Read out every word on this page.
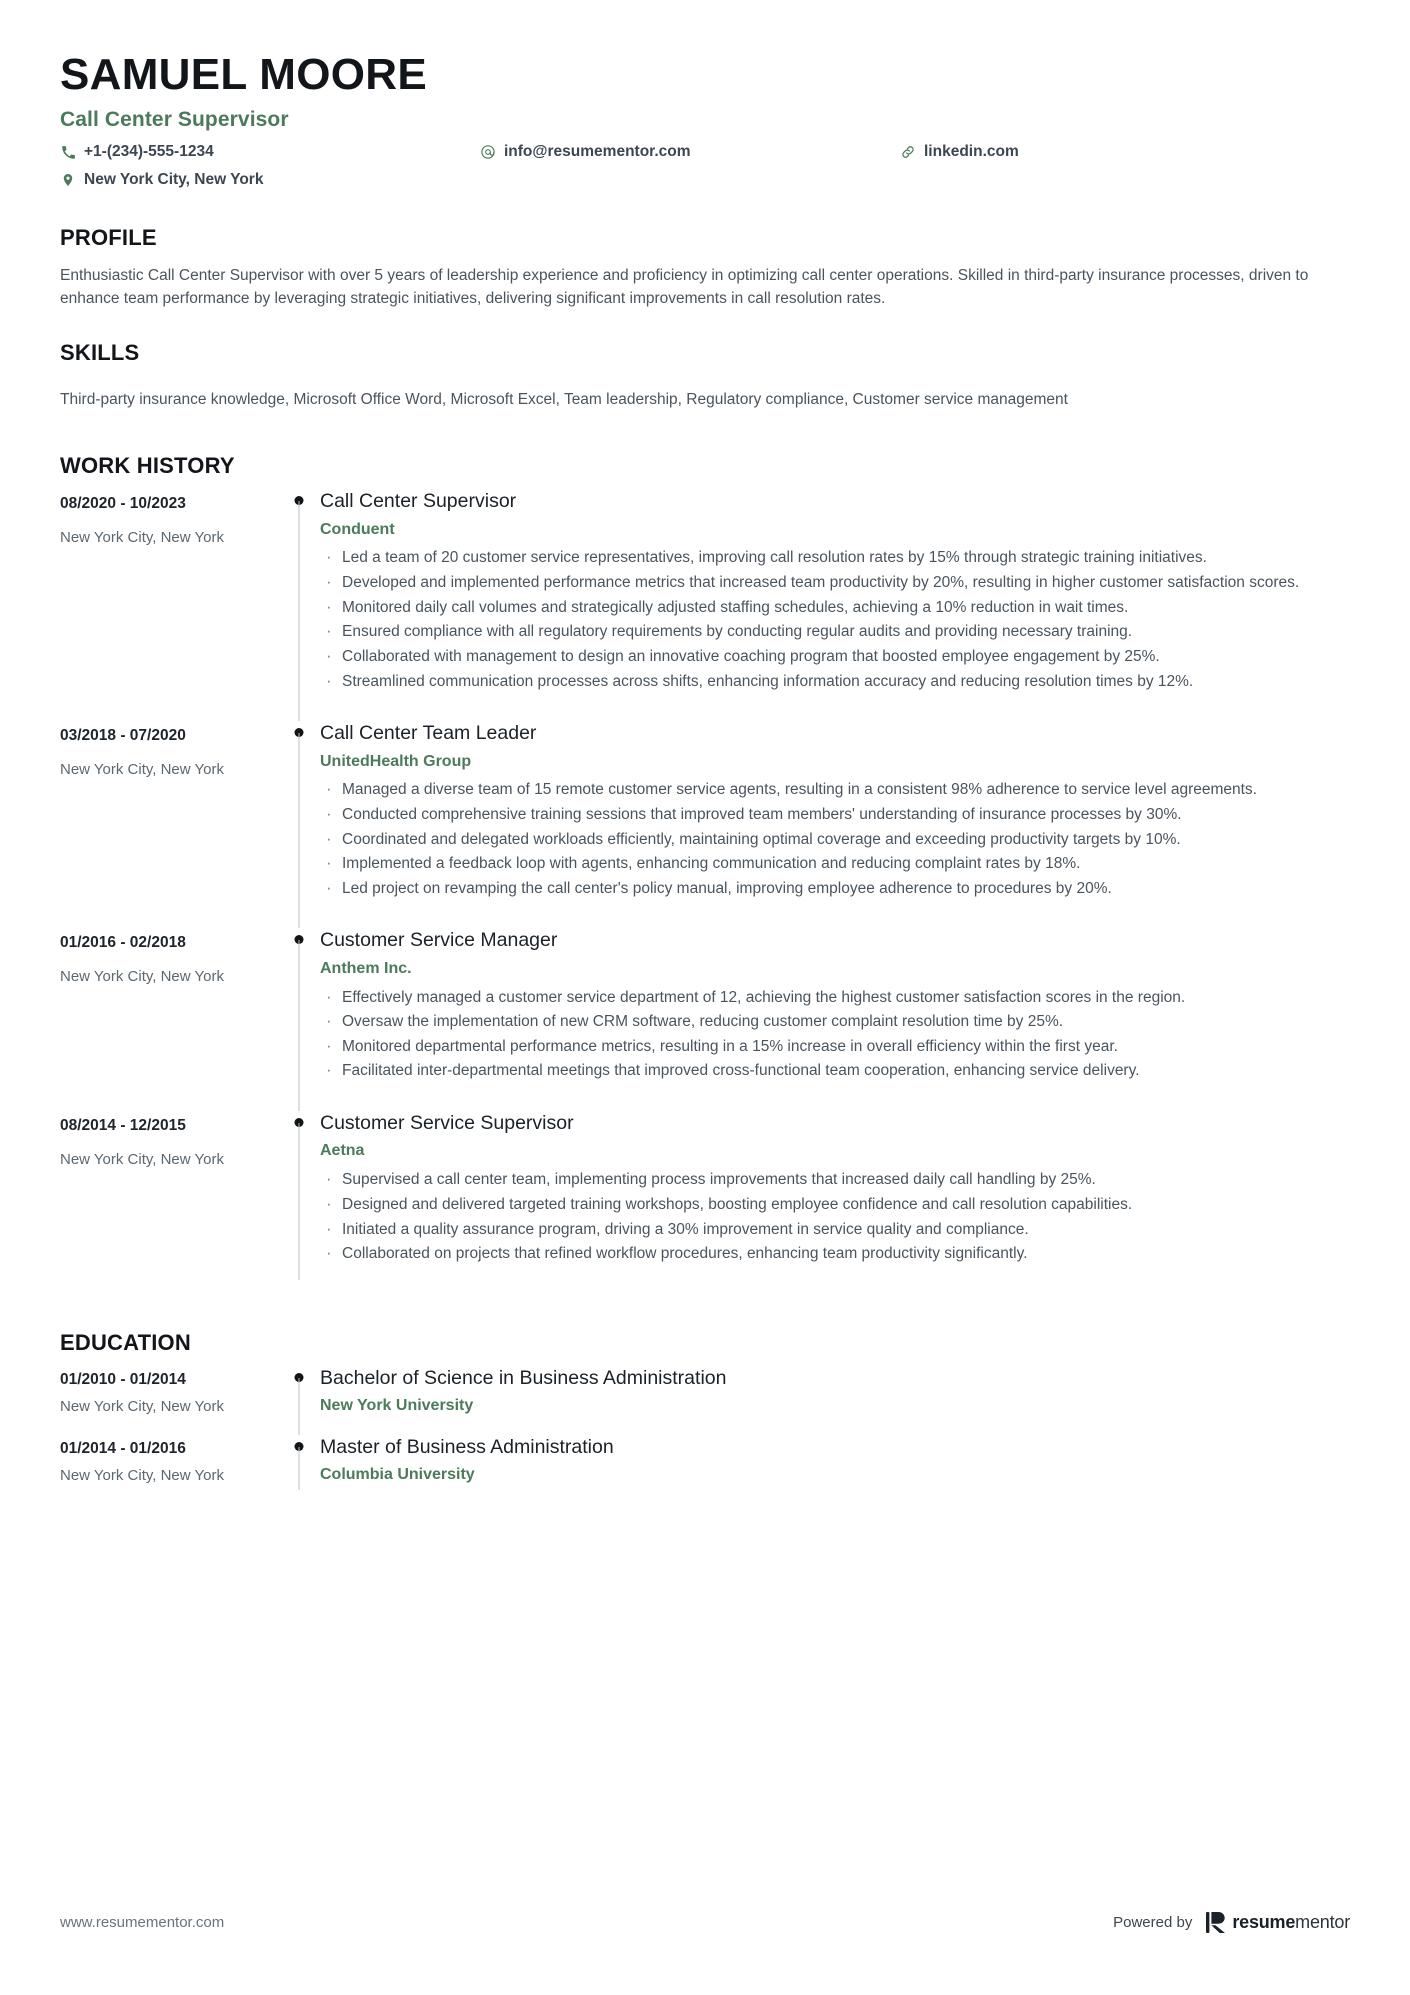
SAMUEL MOORE
Call Center Supervisor
+1-(234)-555-1234	info@resumementor.com	linkedin.com
New York City, New York
PROFILE

Enthusiastic Call Center Supervisor with over 5 years of leadership experience and proficiency in optimizing call center operations. Skilled in third-party insurance processes, driven to enhance team performance by leveraging strategic initiatives, delivering significant improvements in call resolution rates.

SKILLS

Third-party insurance knowledge, Microsoft Office Word, Microsoft Excel, Team leadership, Regulatory compliance, Customer service management

WORK HISTORY
08/2020 - 10/2023
New York City, New York
Call Center Supervisor
Conduent
· Led a team of 20 customer service representatives, improving call resolution rates by 15% through strategic training initiatives.
· Developed and implemented performance metrics that increased team productivity by 20%, resulting in higher customer satisfaction scores.
· Monitored daily call volumes and strategically adjusted staffing schedules, achieving a 10% reduction in wait times.
· Ensured compliance with all regulatory requirements by conducting regular audits and providing necessary training.
· Collaborated with management to design an innovative coaching program that boosted employee engagement by 25%.
· Streamlined communication processes across shifts, enhancing information accuracy and reducing resolution times by 12%.
03/2018 - 07/2020
New York City, New York
Call Center Team Leader
UnitedHealth Group
· Managed a diverse team of 15 remote customer service agents, resulting in a consistent 98% adherence to service level agreements.
· Conducted comprehensive training sessions that improved team members' understanding of insurance processes by 30%.
· Coordinated and delegated workloads efficiently, maintaining optimal coverage and exceeding productivity targets by 10%.
· Implemented a feedback loop with agents, enhancing communication and reducing complaint rates by 18%.
· Led project on revamping the call center's policy manual, improving employee adherence to procedures by 20%.
01/2016 - 02/2018
New York City, New York
Customer Service Manager
Anthem Inc.
· Effectively managed a customer service department of 12, achieving the highest customer satisfaction scores in the region.
· Oversaw the implementation of new CRM software, reducing customer complaint resolution time by 25%.
· Monitored departmental performance metrics, resulting in a 15% increase in overall efficiency within the first year.
· Facilitated inter-departmental meetings that improved cross-functional team cooperation, enhancing service delivery.
08/2014 - 12/2015
New York City, New York
Customer Service Supervisor
Aetna
· Supervised a call center team, implementing process improvements that increased daily call handling by 25%.
· Designed and delivered targeted training workshops, boosting employee confidence and call resolution capabilities.
· Initiated a quality assurance program, driving a 30% improvement in service quality and compliance.
· Collaborated on projects that refined workflow procedures, enhancing team productivity significantly.
EDUCATION
01/2010 - 01/2014
New York City, New York
Bachelor of Science in Business Administration
New York University
01/2014 - 01/2016
New York City, New York
Master of Business Administration
Columbia University
www.resumementor.com	Powered by resumementor
